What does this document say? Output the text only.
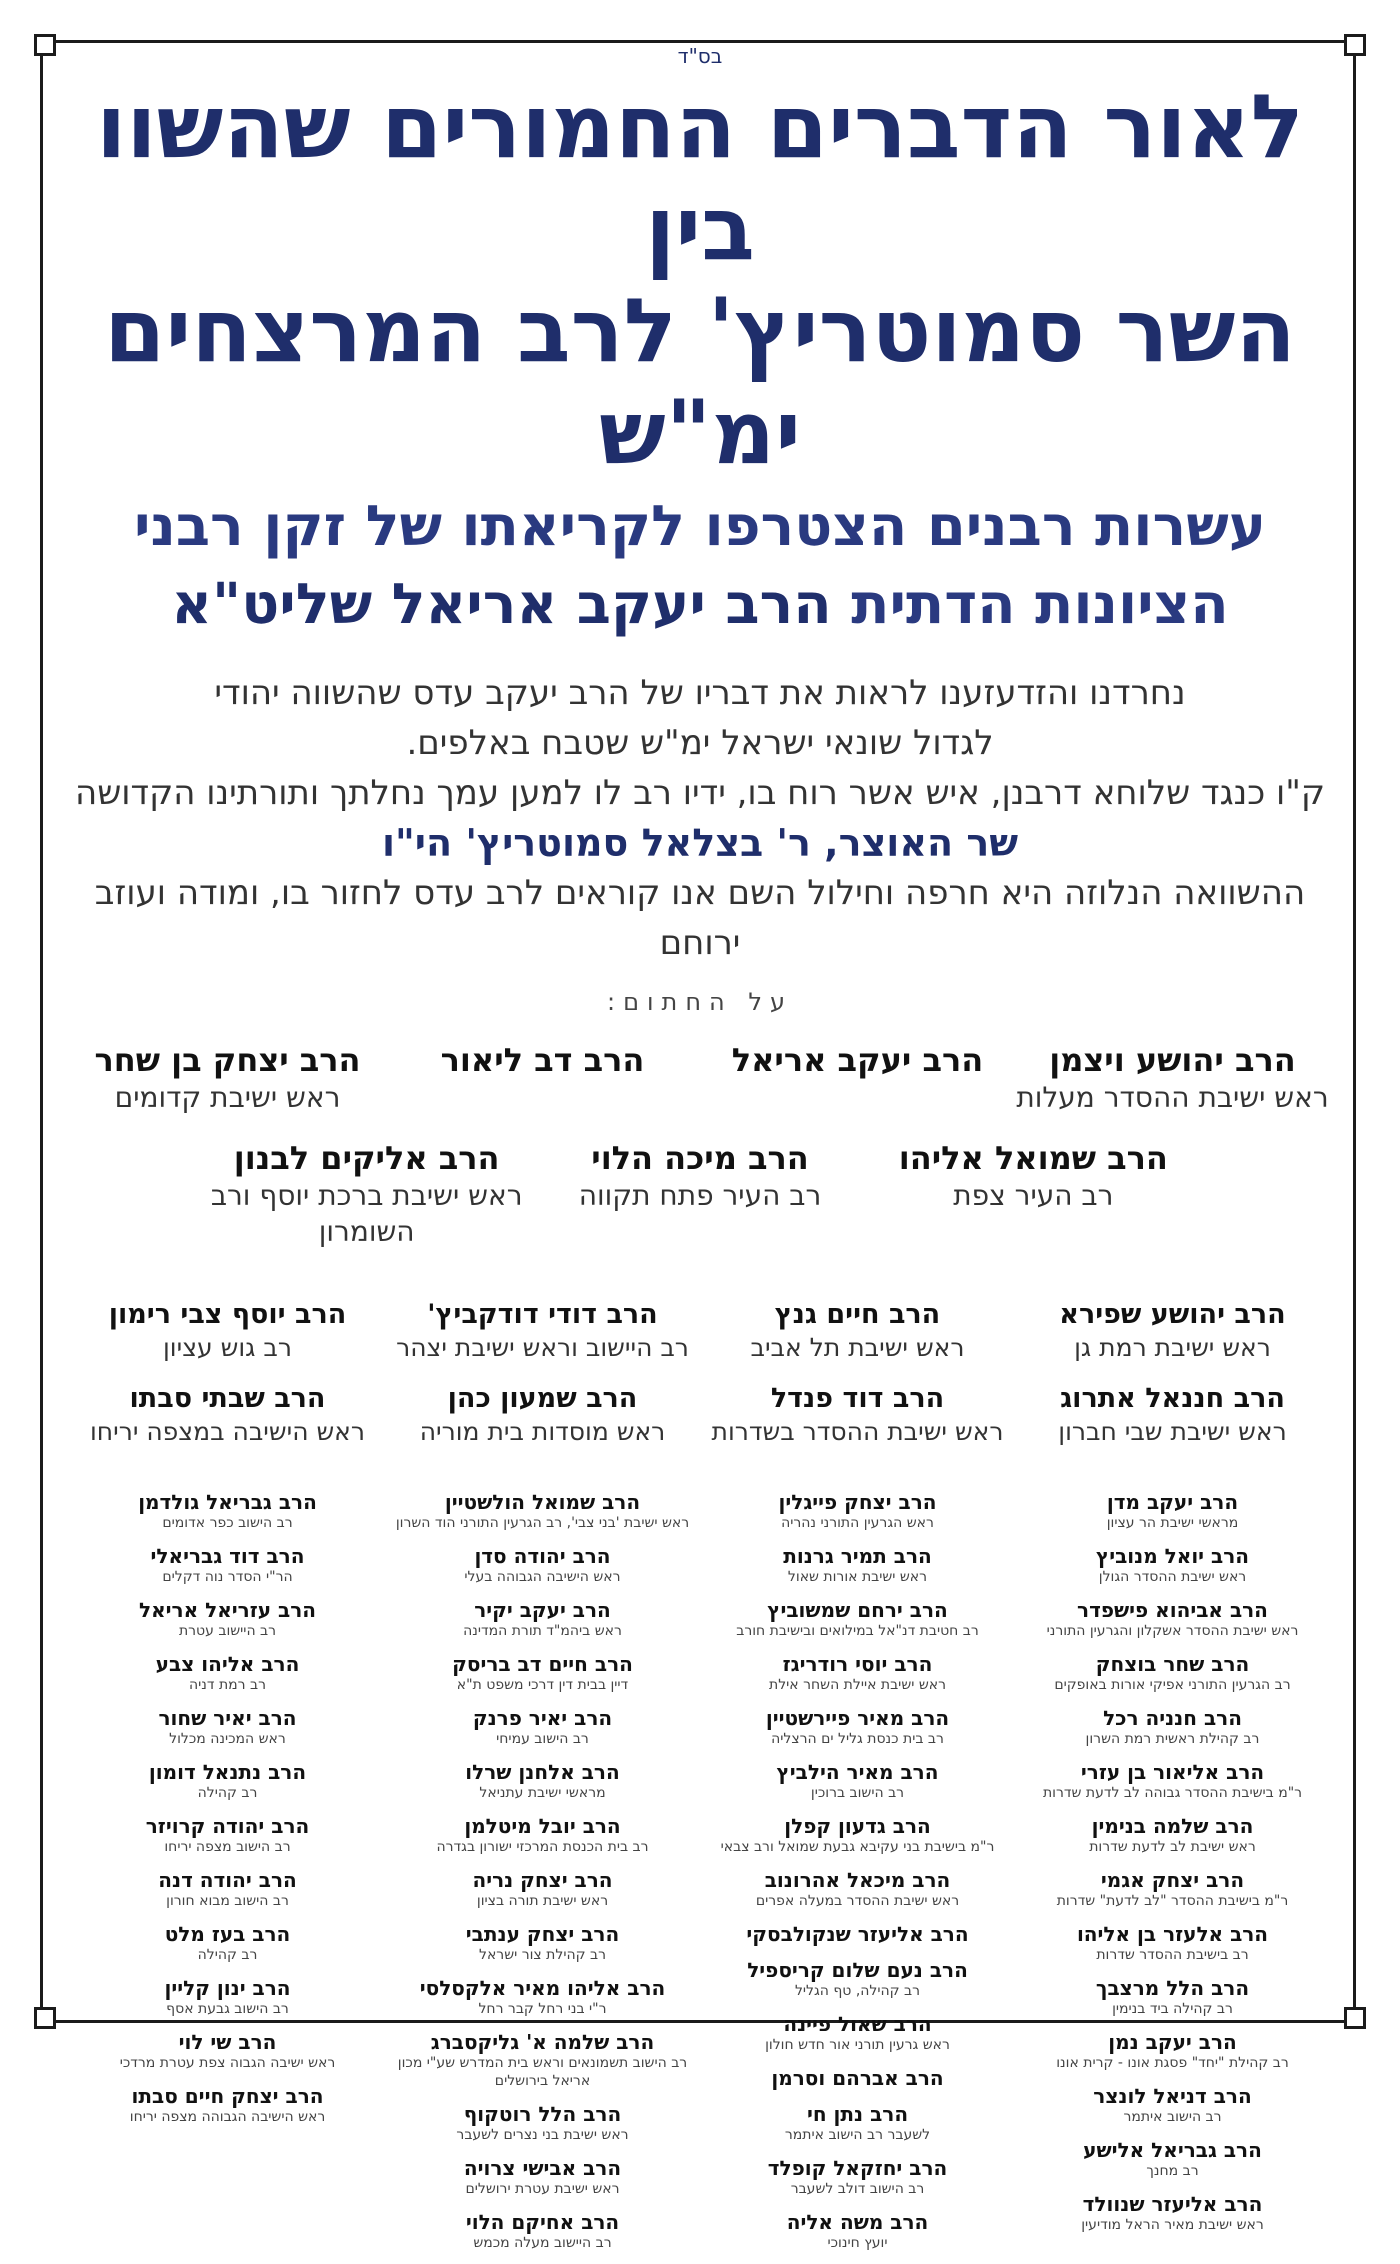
בס"ד
לאור הדברים החמורים שהשוו בין
השר סמוטריץ' לרב המרצחים ימ"ש
עשרות רבנים הצטרפו לקריאתו של זקן רבני
הציונות הדתית הרב יעקב אריאל שליט"א
נחרדנו והזדעזענו לראות את דבריו של הרב יעקב עדס שהשווה יהודי
לגדול שונאי ישראל ימ"ש שטבח באלפים.
ק"ו כנגד שלוחא דרבנן, איש אשר רוח בו, ידיו רב לו למען עמך נחלתך ותורתינו הקדושה
שר האוצר, ר' בצלאל סמוטריץ' הי"ו
ההשוואה הנלוזה היא חרפה וחילול השם אנו קוראים לרב עדס לחזור בו, ומודה ועוזב ירוחם
על החתום:
הרב יהושע ויצמן
ראש ישיבת ההסדר מעלות
הרב יעקב אריאל
הרב דב ליאור
הרב יצחק בן שחר
ראש ישיבת קדומים
הרב שמואל אליהו
רב העיר צפת
הרב מיכה הלוי
רב העיר פתח תקווה
הרב אליקים לבנון
ראש ישיבת ברכת יוסף ורב השומרון
הרב יהושע שפירא
ראש ישיבת רמת גן
הרב חיים גנץ
ראש ישיבת תל אביב
הרב דודי דודקביץ'
רב היישוב וראש ישיבת יצהר
הרב יוסף צבי רימון
רב גוש עציון
הרב חננאל אתרוג
ראש ישיבת שבי חברון
הרב דוד פנדל
ראש ישיבת ההסדר בשדרות
הרב שמעון כהן
ראש מוסדות בית מוריה
הרב שבתי סבתו
ראש הישיבה במצפה יריחו
הרב יעקב מדן
מראשי ישיבת הר עציון
הרב יואל מנוביץ
ראש ישיבת ההסדר הגולן
הרב אביהוא פישפדר
ראש ישיבת ההסדר אשקלון והגרעין התורני
הרב שחר בוצחק
רב הגרעין התורני אפיקי אורות באופקים
הרב חנניה רכל
רב קהילת ראשית רמת השרון
הרב אליאור בן עזרי
ר"מ בישיבת ההסדר גבוהה לב לדעת שדרות
הרב שלמה בנימין
ראש ישיבת לב לדעת שדרות
הרב יצחק אגמי
ר"מ בישיבת ההסדר "לב לדעת" שדרות
הרב אלעזר בן אליהו
רב בישיבת ההסדר שדרות
הרב הלל מרצבך
רב קהילה ביד בנימין
הרב יעקב נמן
רב קהילת "יחד" פסגת אונו - קרית אונו
הרב דניאל לונצר
רב הישוב איתמר
הרב גבריאל אלישע
רב מחנך
הרב אליעזר שנוולד
ראש ישיבת מאיר הראל מודיעין
הרב יצחק פייגלין
ראש הגרעין התורני נהריה
הרב תמיר גרנות
ראש ישיבת אורות שאול
הרב ירחם שמשוביץ
רב חטיבת דנ"אל במילואים ובישיבת חורב
הרב יוסי רודריגז
ראש ישיבת איילת השחר אילת
הרב מאיר פיירשטיין
רב בית כנסת גליל ים הרצליה
הרב מאיר הילביץ
רב הישוב ברוכין
הרב גדעון קפלן
ר"מ בישיבת בני עקיבא גבעת שמואל ורב צבאי
הרב מיכאל אהרונוב
ראש ישיבת ההסדר במעלה אפרים
הרב אליעזר שנקולבסקי
הרב נעם שלום קריספיל
רב קהילה, טף הגליל
הרב שאול פיינה
ראש גרעין תורני אור חדש חולון
הרב אברהם וסרמן
הרב נתן חי
לשעבר רב הישוב איתמר
הרב יחזקאל קופלד
רב הישוב דולב לשעבר
הרב משה אליה
יועץ חינוכי
הרב שמואל הולשטיין
ראש ישיבת 'בני צבי', רב הגרעין התורני הוד השרון
הרב יהודה סדן
ראש הישיבה הגבוהה בעלי
הרב יעקב יקיר
ראש ביהמ"ד תורת המדינה
הרב חיים דב בריסק
דיין בבית דין דרכי משפט ת"א
הרב יאיר פרנק
רב הישוב עמיחי
הרב אלחנן שרלו
מראשי ישיבת עתניאל
הרב יובל מיטלמן
רב בית הכנסת המרכזי ישורון בגדרה
הרב יצחק נריה
ראש ישיבת תורה בציון
הרב יצחק ענתבי
רב קהילת צור ישראל
הרב אליהו מאיר אלקסלסי
ר"י בני רחל קבר רחל
הרב שלמה א' גליקסברג
רב הישוב תשמונאים וראש בית המדרש שע"י מכון אריאל בירושלים
הרב הלל רוטקוף
ראש ישיבת בני נצרים לשעבר
הרב אבישי צרויה
ראש ישיבת עטרת ירושלים
הרב אחיקם הלוי
רב היישוב מעלה מכמש
הרב גבריאל גולדמן
רב הישוב כפר אדומים
הרב דוד גבריאלי
הר"י הסדר נוה דקלים
הרב עזריאל אריאל
רב היישוב עטרת
הרב אליהו צבע
רב רמת דניה
הרב יאיר שחור
ראש המכינה מכלול
הרב נתנאל דומון
רב קהילה
הרב יהודה קרויזר
רב הישוב מצפה יריחו
הרב יהודה דנה
רב הישוב מבוא חורון
הרב בעז מלט
רב קהילה
הרב ינון קליין
רב הישוב גבעת אסף
הרב שי לוי
ראש ישיבה הגבוה צפת עטרת מרדכי
הרב יצחק חיים סבתו
ראש הישיבה הגבוהה מצפה יריחו
